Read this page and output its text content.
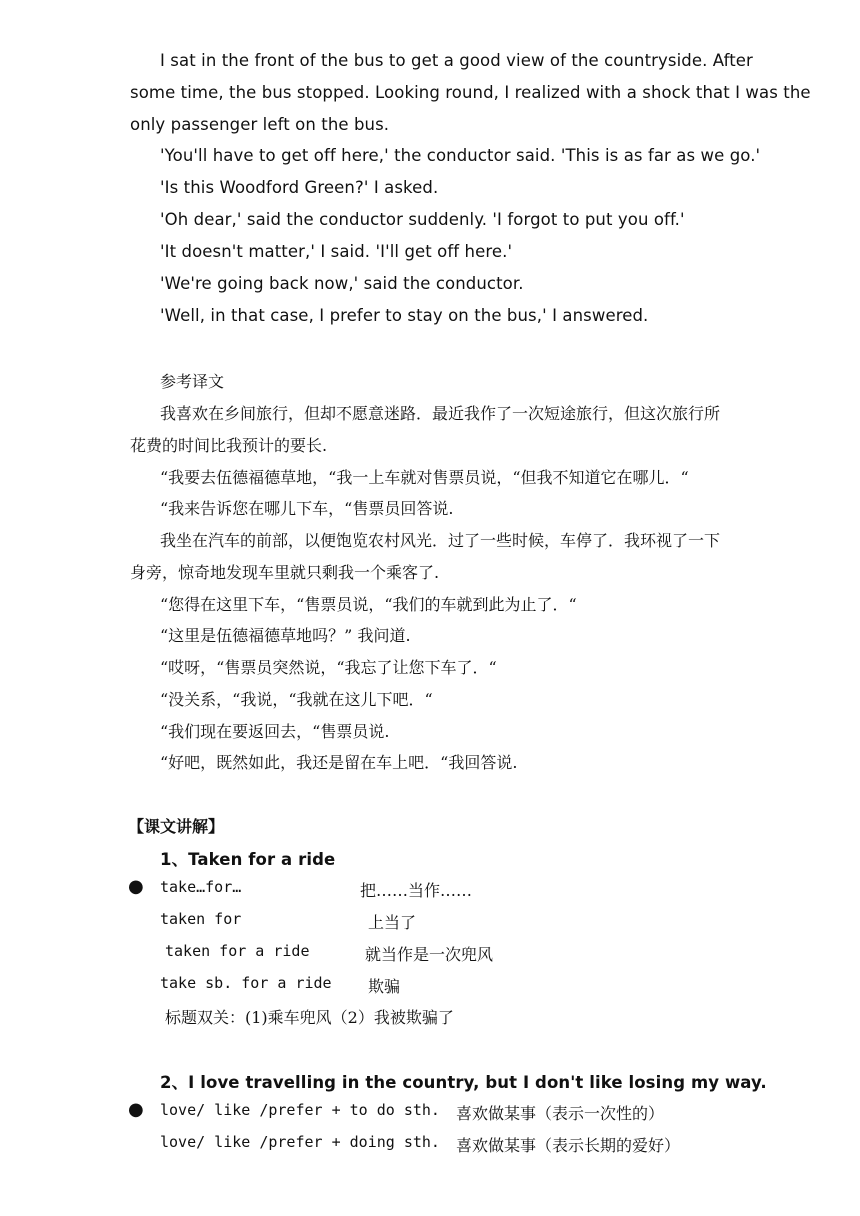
I sat in the front of the bus to get a good view of the countryside. After
some time, the bus stopped. Looking round, I realized with a shock that I was the
only passenger left on the bus.
'You'll have to get off here,' the conductor said. 'This is as far as we go.'
'Is this Woodford Green?' I asked.
'Oh dear,' said the conductor suddenly. 'I forgot to put you off.'
'It doesn't matter,' I said. 'I'll get off here.'
'We're going back now,' said the conductor.
'Well, in that case, I prefer to stay on the bus,' I answered.
参考译文
我喜欢在乡间旅行，但却不愿意迷路．最近我作了一次短途旅行，但这次旅行所
花费的时间比我预计的要长.
“我要去伍德福德草地，“我一上车就对售票员说，“但我不知道它在哪儿．“
“我来告诉您在哪儿下车，“售票员回答说.
我坐在汽车的前部，以便饱览农村风光．过了一些时候，车停了．我环视了一下
身旁，惊奇地发现车里就只剩我一个乘客了.
“您得在这里下车，“售票员说，“我们的车就到此为止了．“
“这里是伍德福德草地吗？” 我问道.
“哎呀，“售票员突然说，“我忘了让您下车了．“
“没关系，“我说，“我就在这儿下吧．“
“我们现在要返回去，“售票员说.
“好吧，既然如此，我还是留在车上吧．“我回答说.
【课文讲解】
1、Taken for a ride
● take…for…	把……当作……
taken for	上当了
taken for a ride	就当作是一次兜风
take sb. for a ride 欺骗
标题双关：(1)乘车兜风（2）我被欺骗了
2、I love travelling in the country, but I don't like losing my way.
● love/ like /prefer + to do sth. 喜欢做某事（表示一次性的）
love/ like /prefer + doing sth. 喜欢做某事（表示长期的爱好）
